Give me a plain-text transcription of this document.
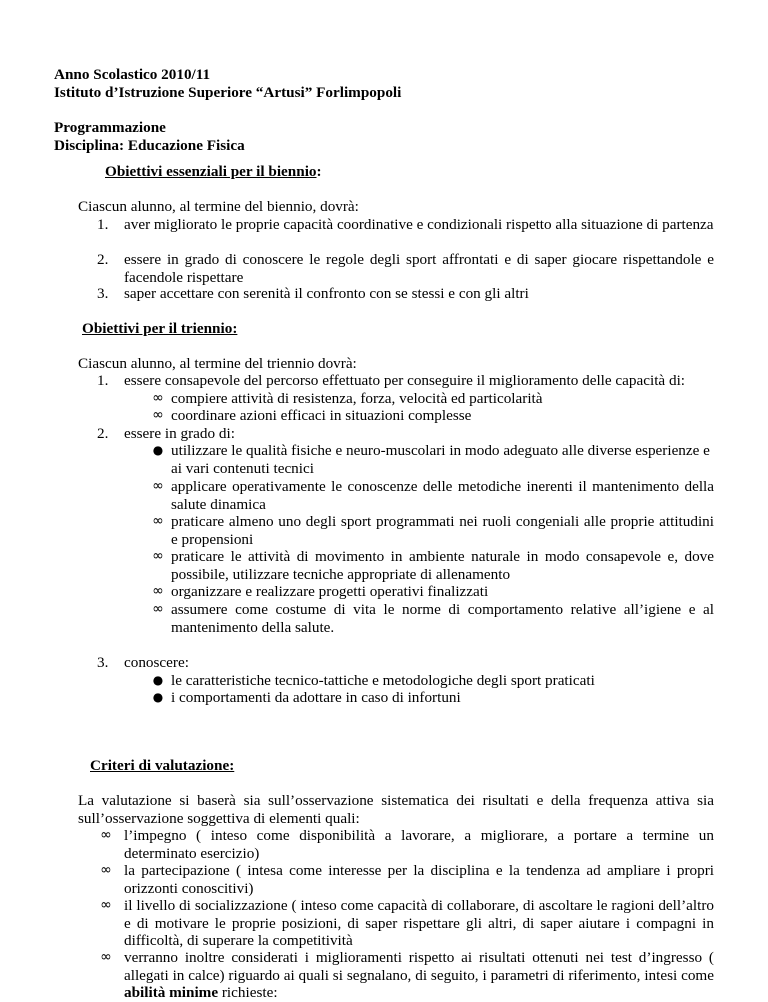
Anno Scolastico 2010/11
Istituto d’Istruzione Superiore “Artusi” Forlimpopoli
Programmazione
Disciplina: Educazione Fisica
Obiettivi essenziali per il biennio:
Ciascun alunno, al termine del biennio, dovrà:
1. aver migliorato le proprie capacità coordinative e condizionali rispetto alla situazione di partenza
2. essere in grado di conoscere le regole degli sport affrontati e di saper giocare rispettandole e facendole rispettare
3. saper accettare con serenità il confronto con se stessi e con gli altri
Obiettivi per il triennio:
Ciascun alunno, al termine del triennio dovrà:
1. essere consapevole del percorso effettuato per conseguire il miglioramento delle capacità di:
∞ compiere attività di resistenza, forza, velocità ed particolarità
∞ coordinare azioni efficaci in situazioni complesse
2. essere in grado di:
● utilizzare le qualità fisiche e neuro-muscolari in modo adeguato alle diverse esperienze e ai vari contenuti tecnici
∞ applicare operativamente le conoscenze delle metodiche inerenti il mantenimento della salute dinamica
∞ praticare almeno uno degli sport programmati nei ruoli congeniali alle proprie attitudini e propensioni
∞ praticare le attività di movimento in ambiente naturale in modo consapevole e, dove possibile, utilizzare tecniche appropriate di allenamento
∞ organizzare e realizzare progetti operativi finalizzati
∞ assumere come costume di vita le norme di comportamento relative all’igiene e al mantenimento della salute.
3. conoscere:
● le caratteristiche tecnico-tattiche e metodologiche degli sport praticati
● i comportamenti da adottare in caso di infortuni
Criteri di valutazione:
La valutazione si baserà sia sull’osservazione sistematica dei risultati e della frequenza attiva sia sull’osservazione soggettiva di elementi quali:
∞ l’impegno ( inteso come disponibilità a lavorare, a migliorare, a portare a termine un determinato esercizio)
∞ la partecipazione ( intesa come interesse per la disciplina e la tendenza ad ampliare i propri orizzonti conoscitivi)
∞ il livello di socializzazione ( inteso come capacità di collaborare, di ascoltare le ragioni dell’altro e di motivare le proprie posizioni, di saper rispettare gli altri, di saper aiutare i compagni in difficoltà, di superare la competitività
∞ verranno inoltre considerati i miglioramenti rispetto ai risultati ottenuti nei test d’ingresso ( allegati in calce) riguardo ai quali si segnalano, di seguito, i parametri di riferimento, intesi come abilità minime richieste:
